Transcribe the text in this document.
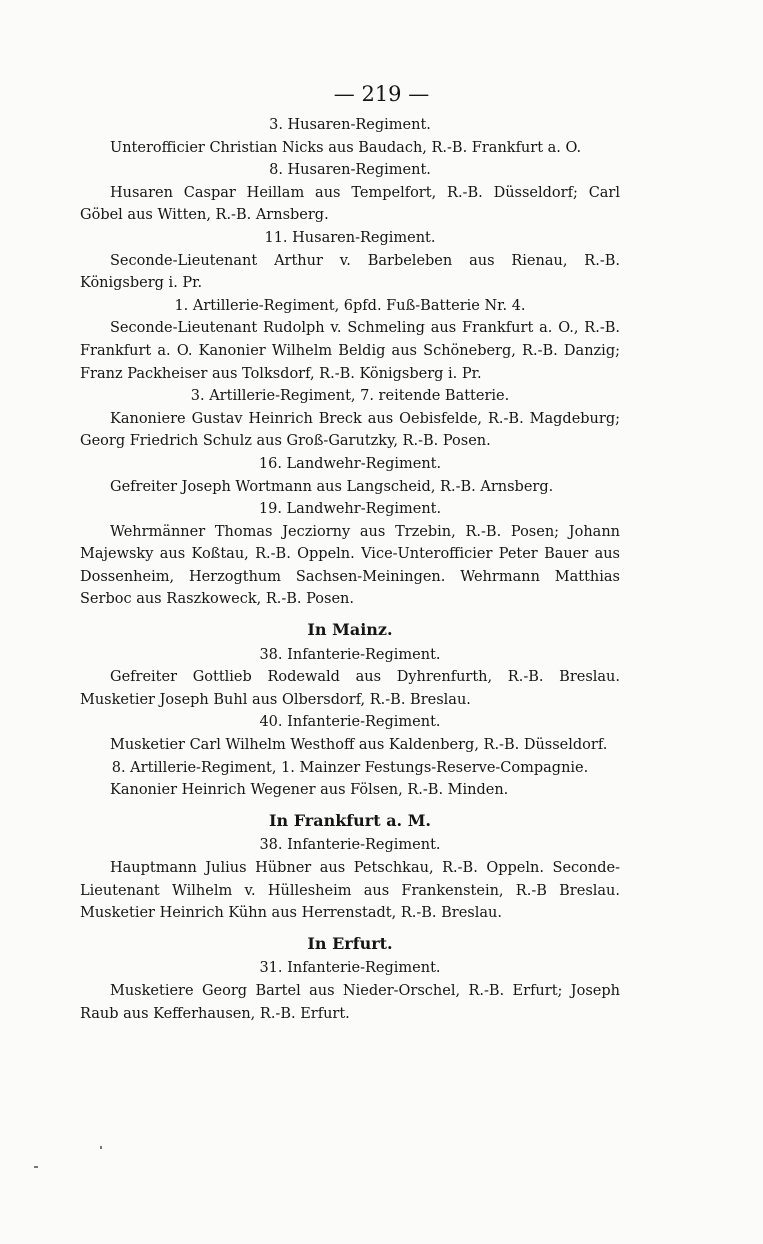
— 219 —
3. Husaren-Regiment.
Unterofficier Christian Nicks aus Baudach, R.-B. Frankfurt a. O.
8. Husaren-Regiment.
Husaren Caspar Heillam aus Tempelfort, R.-B. Düsseldorf; Carl Göbel aus Witten, R.-B. Arnsberg.
11. Husaren-Regiment.
Seconde-Lieutenant Arthur v. Barbeleben aus Rienau, R.-B. Königsberg i. Pr.
1. Artillerie-Regiment, 6pfd. Fuß-Batterie Nr. 4.
Seconde-Lieutenant Rudolph v. Schmeling aus Frankfurt a. O., R.-B. Frankfurt a. O. Kanonier Wilhelm Beldig aus Schöneberg, R.-B. Danzig; Franz Packheiser aus Tolksdorf, R.-B. Königsberg i. Pr.
3. Artillerie-Regiment, 7. reitende Batterie.
Kanoniere Gustav Heinrich Breck aus Oebisfelde, R.-B. Magdeburg; Georg Friedrich Schulz aus Groß-Garutzky, R.-B. Posen.
16. Landwehr-Regiment.
Gefreiter Joseph Wortmann aus Langscheid, R.-B. Arnsberg.
19. Landwehr-Regiment.
Wehrmänner Thomas Jecziorny aus Trzebin, R.-B. Posen; Johann Majewsky aus Koßtau, R.-B. Oppeln. Vice-Unterofficier Peter Bauer aus Dossenheim, Herzogthum Sachsen-Meiningen. Wehrmann Matthias Serboc aus Raszkoweck, R.-B. Posen.
In Mainz.
38. Infanterie-Regiment.
Gefreiter Gottlieb Rodewald aus Dyhrenfurth, R.-B. Breslau. Musketier Joseph Buhl aus Olbersdorf, R.-B. Breslau.
40. Infanterie-Regiment.
Musketier Carl Wilhelm Westhoff aus Kaldenberg, R.-B. Düsseldorf.
8. Artillerie-Regiment, 1. Mainzer Festungs-Reserve-Compagnie.
Kanonier Heinrich Wegener aus Fölsen, R.-B. Minden.
In Frankfurt a. M.
38. Infanterie-Regiment.
Hauptmann Julius Hübner aus Petschkau, R.-B. Oppeln. Seconde-Lieutenant Wilhelm v. Hüllesheim aus Frankenstein, R.-B Breslau. Musketier Heinrich Kühn aus Herrenstadt, R.-B. Breslau.
In Erfurt.
31. Infanterie-Regiment.
Musketiere Georg Bartel aus Nieder-Orschel, R.-B. Erfurt; Joseph Raub aus Kefferhausen, R.-B. Erfurt.
